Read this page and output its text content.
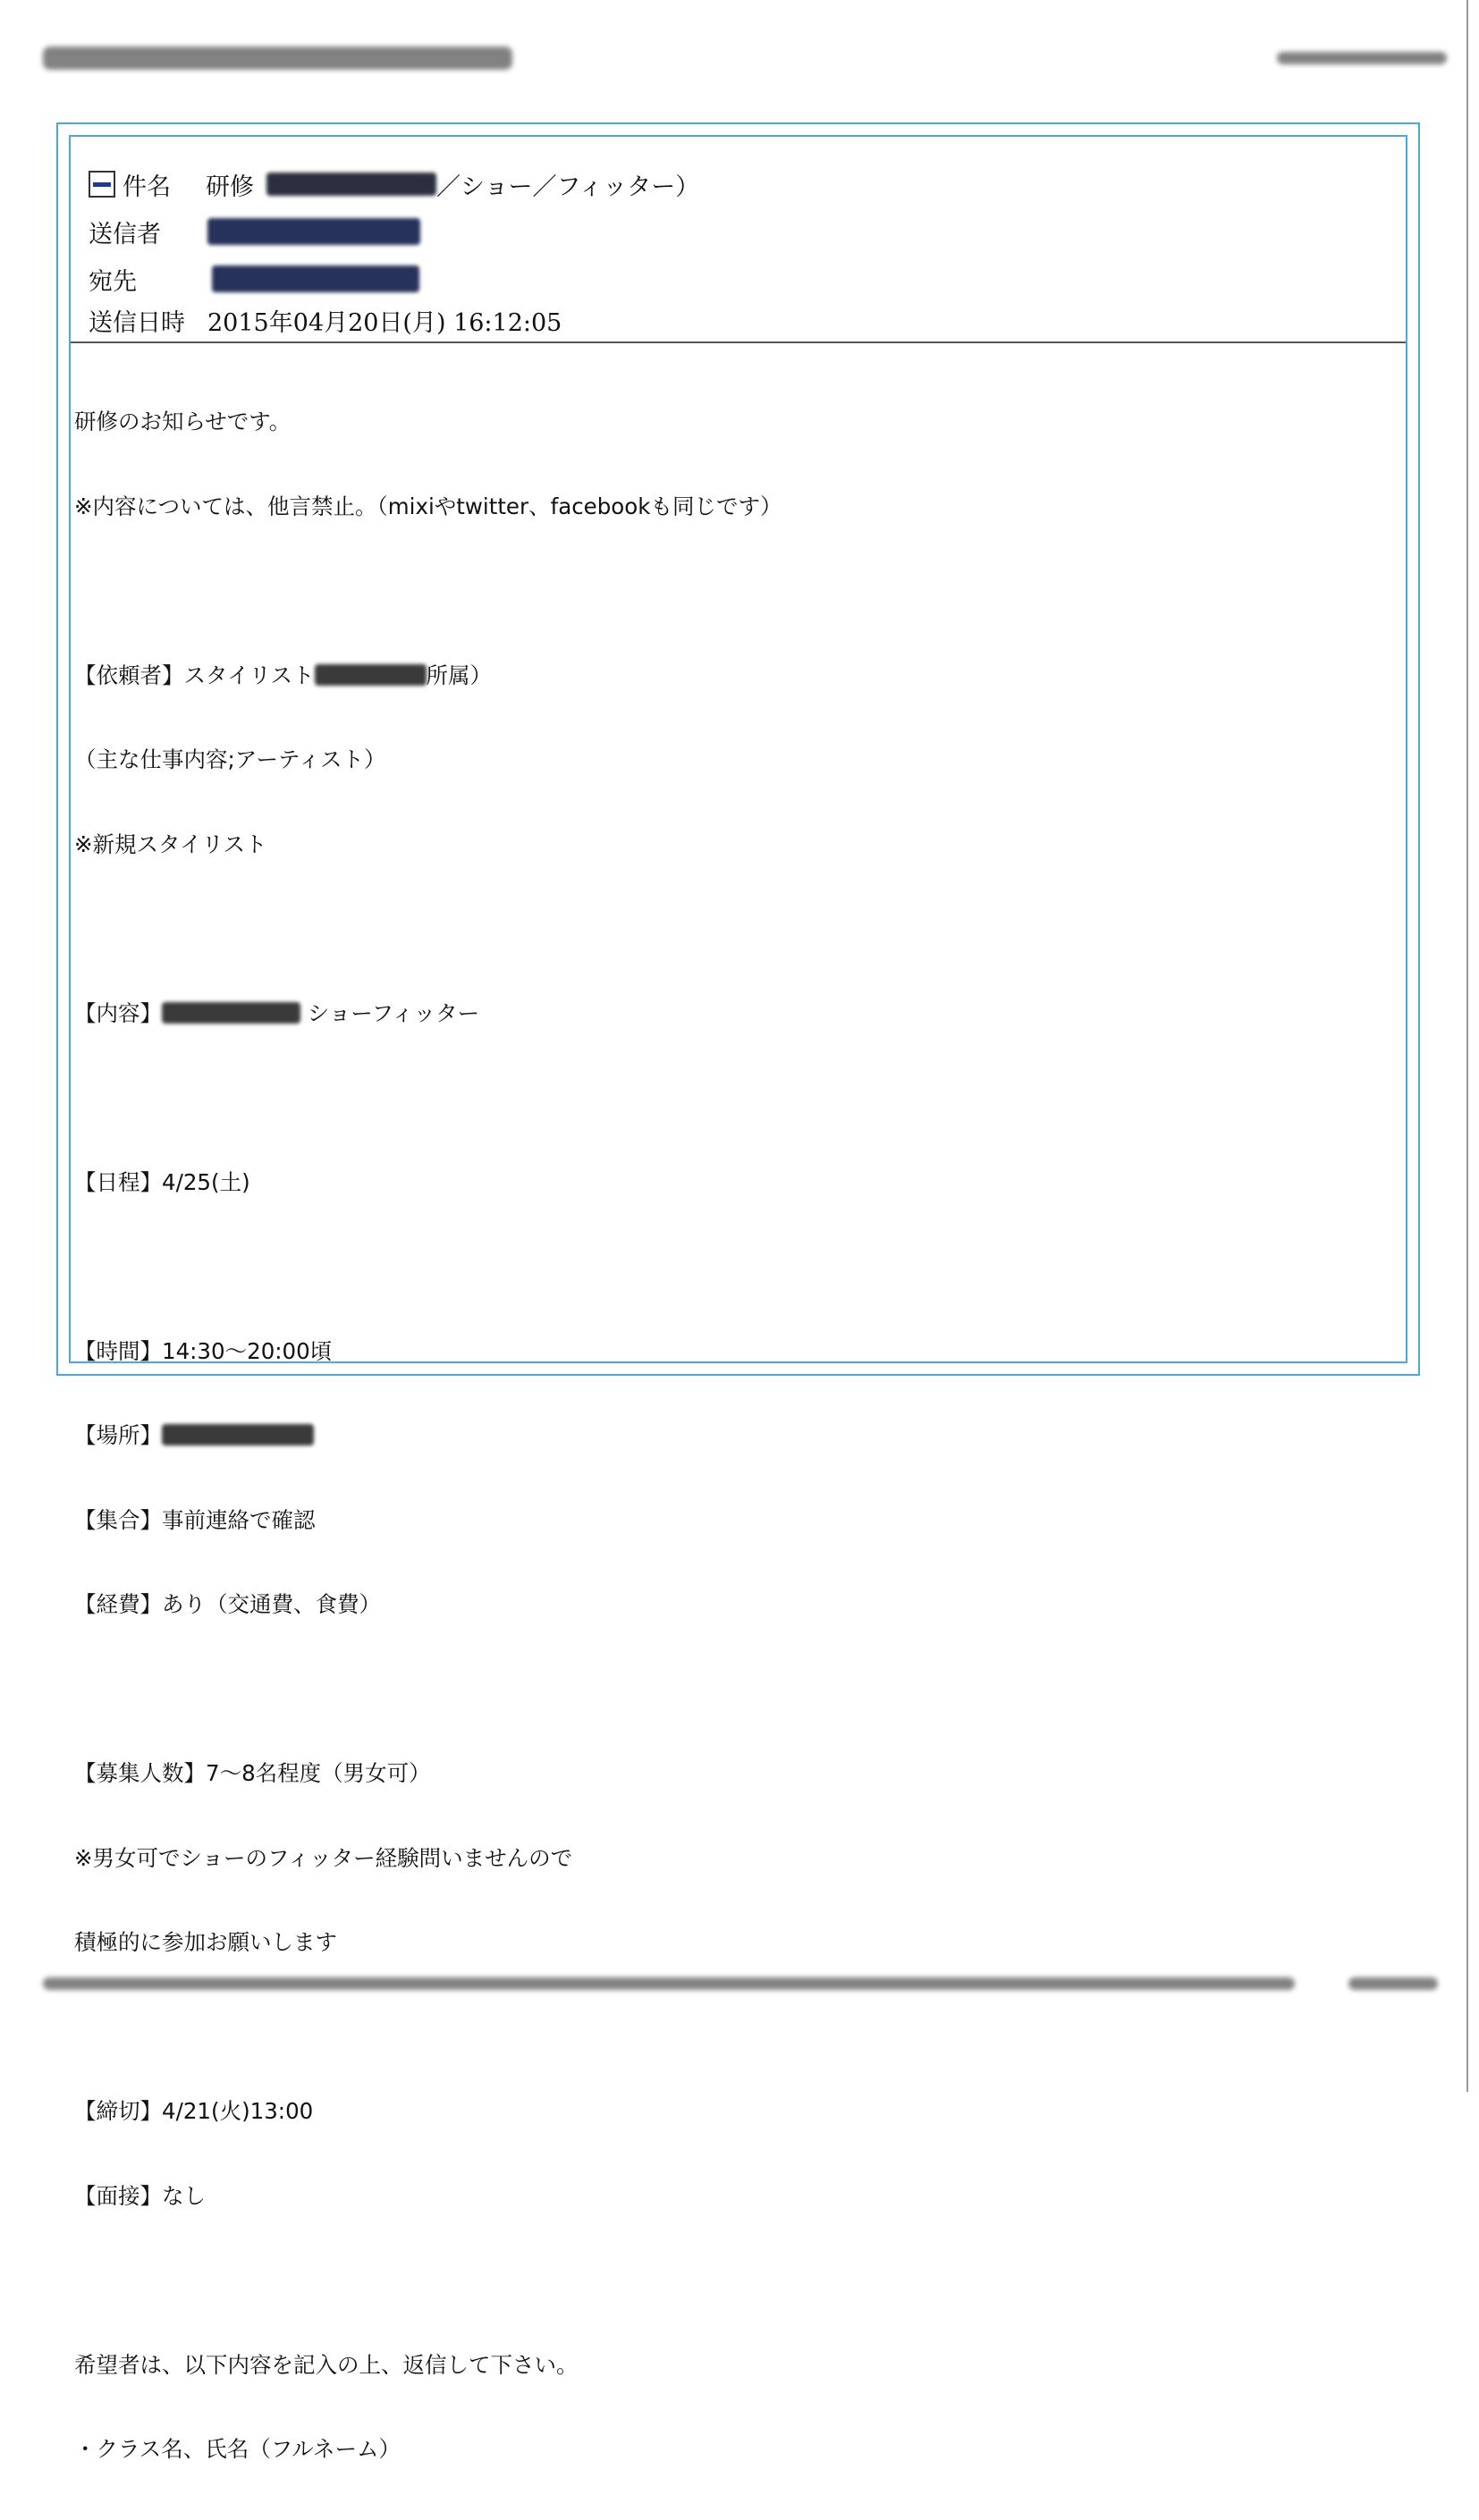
件名	研修	／ショー／フィッター）
送信者
宛先
送信日時 2015年04月20日(月) 16:12:05

研修のお知らせです。

※内容については、他言禁止。（mixiやtwitter、facebookも同じです）

【依頼者】スタイリスト	所属）

（主な仕事内容;アーティスト）

※新規スタイリスト

【内容】	ショーフィッター

【日程】4/25(土)

【時間】14:30～20:00頃

【場所】

【集合】事前連絡で確認

【経費】あり（交通費、食費）

【募集人数】7～8名程度（男女可）

※男女可でショーのフィッター経験問いませんので

積極的に参加お願いします

【締切】4/21(火)13:00

【面接】なし

希望者は、以下内容を記入の上、返信して下さい。

・クラス名、氏名（フルネーム）
